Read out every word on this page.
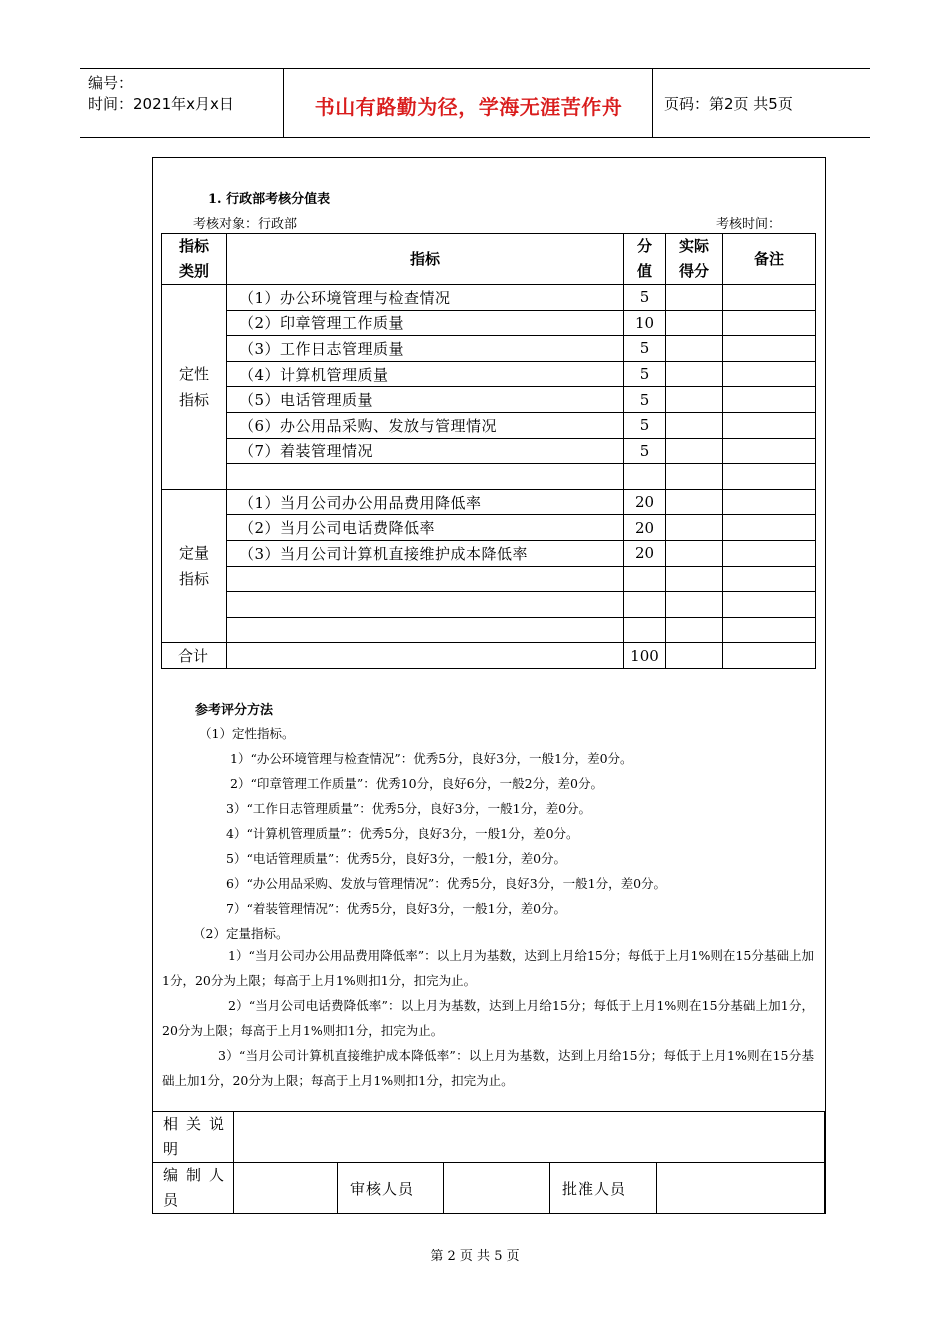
编号：
时间：2021年x月x日	书山有路勤为径，学海无涯苦作舟	页码：第2页 共5页
1. 行政部考核分值表
考核对象：行政部	考核时间：
指标类别	指标	分值	实际得分	备注

定性指标	（1）办公环境管理与检查情况	5		
	（2）印章管理工作质量	10		
	（3）工作日志管理质量	5		
	（4）计算机管理质量	5		
	（5）电话管理质量	5		
	（6）办公用品采购、发放与管理情况	5		
	（7）着装管理情况	5		

定量指标	（1）当月公司办公用品费用降低率	20		
	（2）当月公司电话费降低率	20		
	（3）当月公司计算机直接维护成本降低率	20		

合计		100		
参考评分方法
（1）定性指标。
1）“办公环境管理与检查情况”：优秀5分，良好3分，一般1分，差0分。
2）“印章管理工作质量”：优秀10分，良好6分，一般2分，差0分。
3）“工作日志管理质量”：优秀5分，良好3分，一般1分，差0分。
4）“计算机管理质量”：优秀5分，良好3分，一般1分，差0分。
5）“电话管理质量”：优秀5分，良好3分，一般1分，差0分。
6）“办公用品采购、发放与管理情况”：优秀5分，良好3分，一般1分，差0分。
7）“着装管理情况”：优秀5分，良好3分，一般1分，差0分。
（2）定量指标。
1）“当月公司办公用品费用降低率”：以上月为基数，达到上月给15分；每低于上月1%则在15分基础上加1分，20分为上限；每高于上月1%则扣1分，扣完为止。
2）“当月公司电话费降低率”：以上月为基数，达到上月给15分；每低于上月1%则在15分基础上加1分，20分为上限；每高于上月1%则扣1分，扣完为止。
3）“当月公司计算机直接维护成本降低率”：以上月为基数，达到上月给15分；每低于上月1%则在15分基础上加1分，20分为上限；每高于上月1%则扣1分，扣完为止。
相关说明					

编制人员		审核人员		批准人员	
第 2 页 共 5 页
